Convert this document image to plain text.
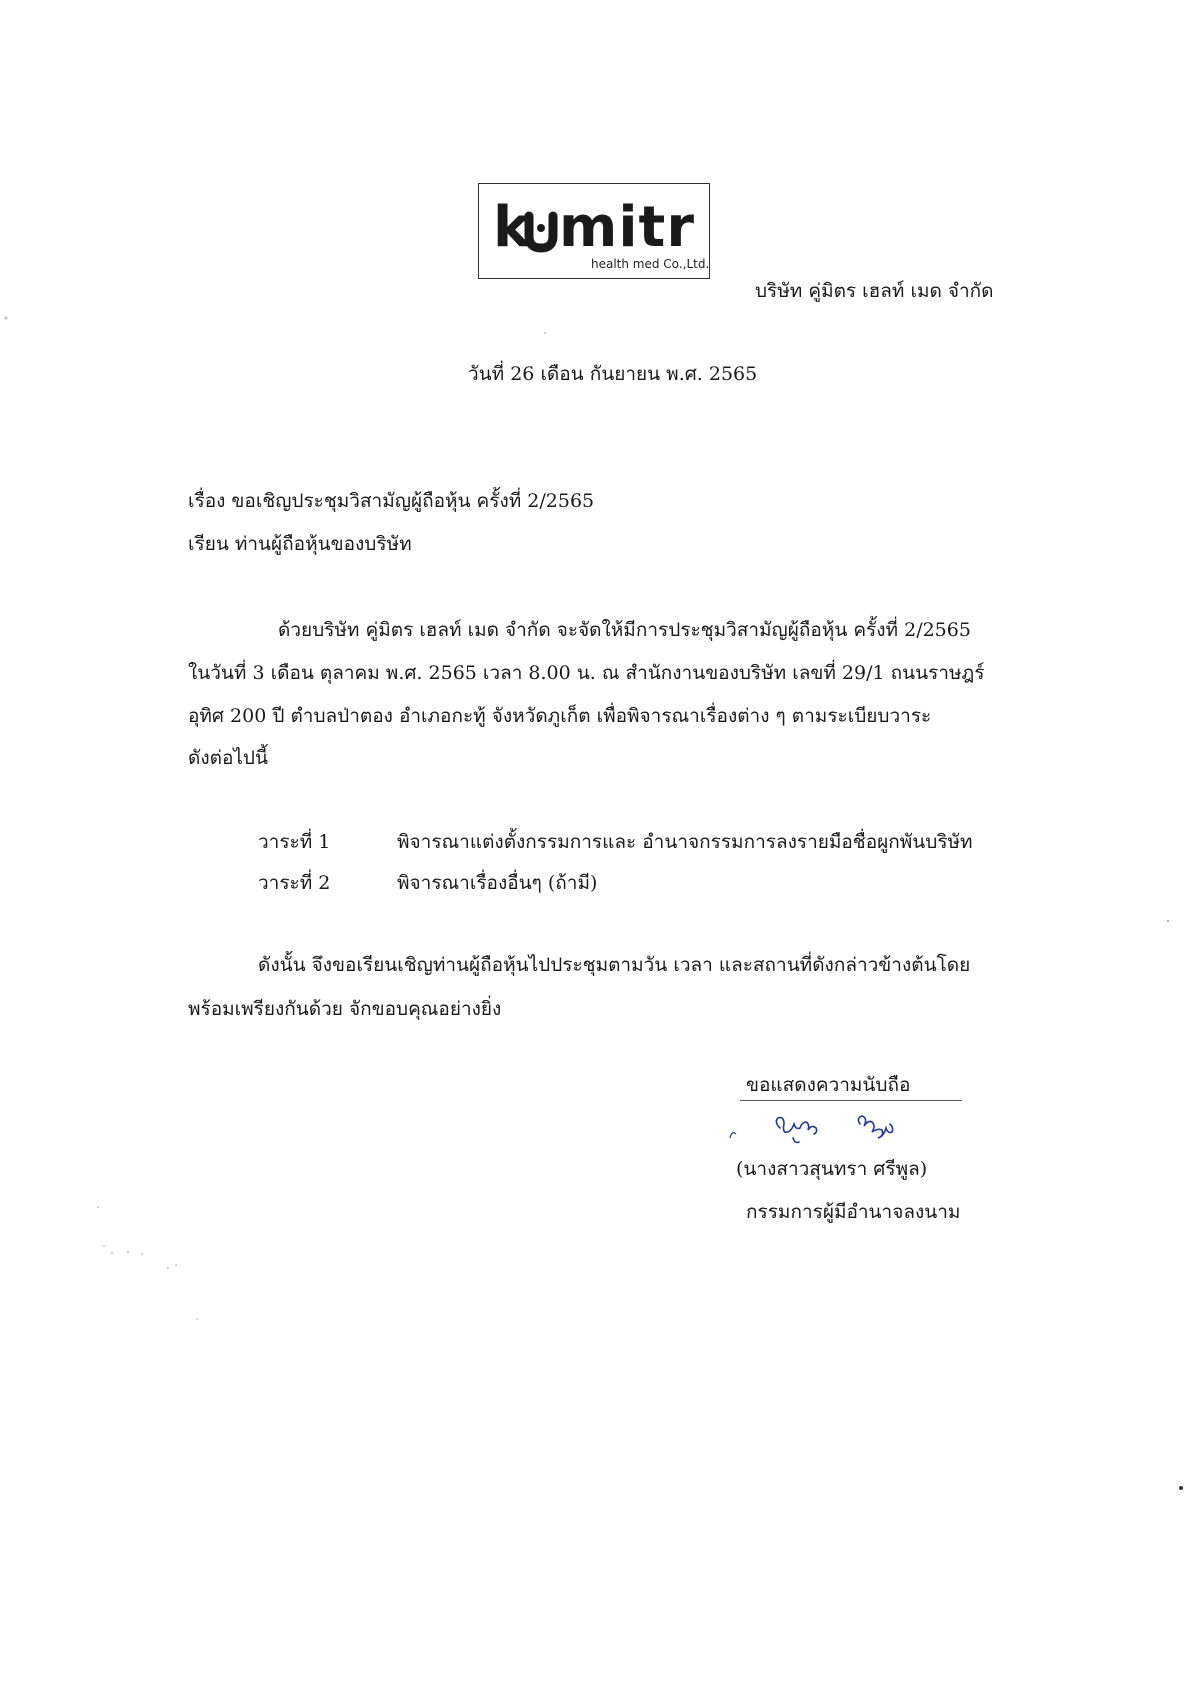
k mitr
health med Co.,Ltd.
บริษัท คู่มิตร เฮลท์ เมด จำกัด
วันที่ 26 เดือน กันยายน พ.ศ. 2565
เรื่อง ขอเชิญประชุมวิสามัญผู้ถือหุ้น ครั้งที่ 2/2565
เรียน ท่านผู้ถือหุ้นของบริษัท
ด้วยบริษัท คู่มิตร เฮลท์ เมด จำกัด จะจัดให้มีการประชุมวิสามัญผู้ถือหุ้น ครั้งที่ 2/2565
ในวันที่ 3 เดือน ตุลาคม พ.ศ. 2565 เวลา 8.00 น. ณ สำนักงานของบริษัท เลขที่ 29/1 ถนนราษฎร์
อุทิศ 200 ปี ตำบลป่าตอง อำเภอกะทู้ จังหวัดภูเก็ต เพื่อพิจารณาเรื่องต่าง ๆ ตามระเบียบวาระ
ดังต่อไปนี้
วาระที่ 1	พิจารณาแต่งตั้งกรรมการและ อำนาจกรรมการลงรายมือชื่อผูกพันบริษัท
วาระที่ 2	พิจารณาเรื่องอื่นๆ (ถ้ามี)
ดังนั้น จึงขอเรียนเชิญท่านผู้ถือหุ้นไปประชุมตามวัน เวลา และสถานที่ดังกล่าวข้างต้นโดย
พร้อมเพรียงกันด้วย จักขอบคุณอย่างยิ่ง
ขอแสดงความนับถือ
(นางสาวสุนทรา ศรีพูล)
กรรมการผู้มีอำนาจลงนาม
